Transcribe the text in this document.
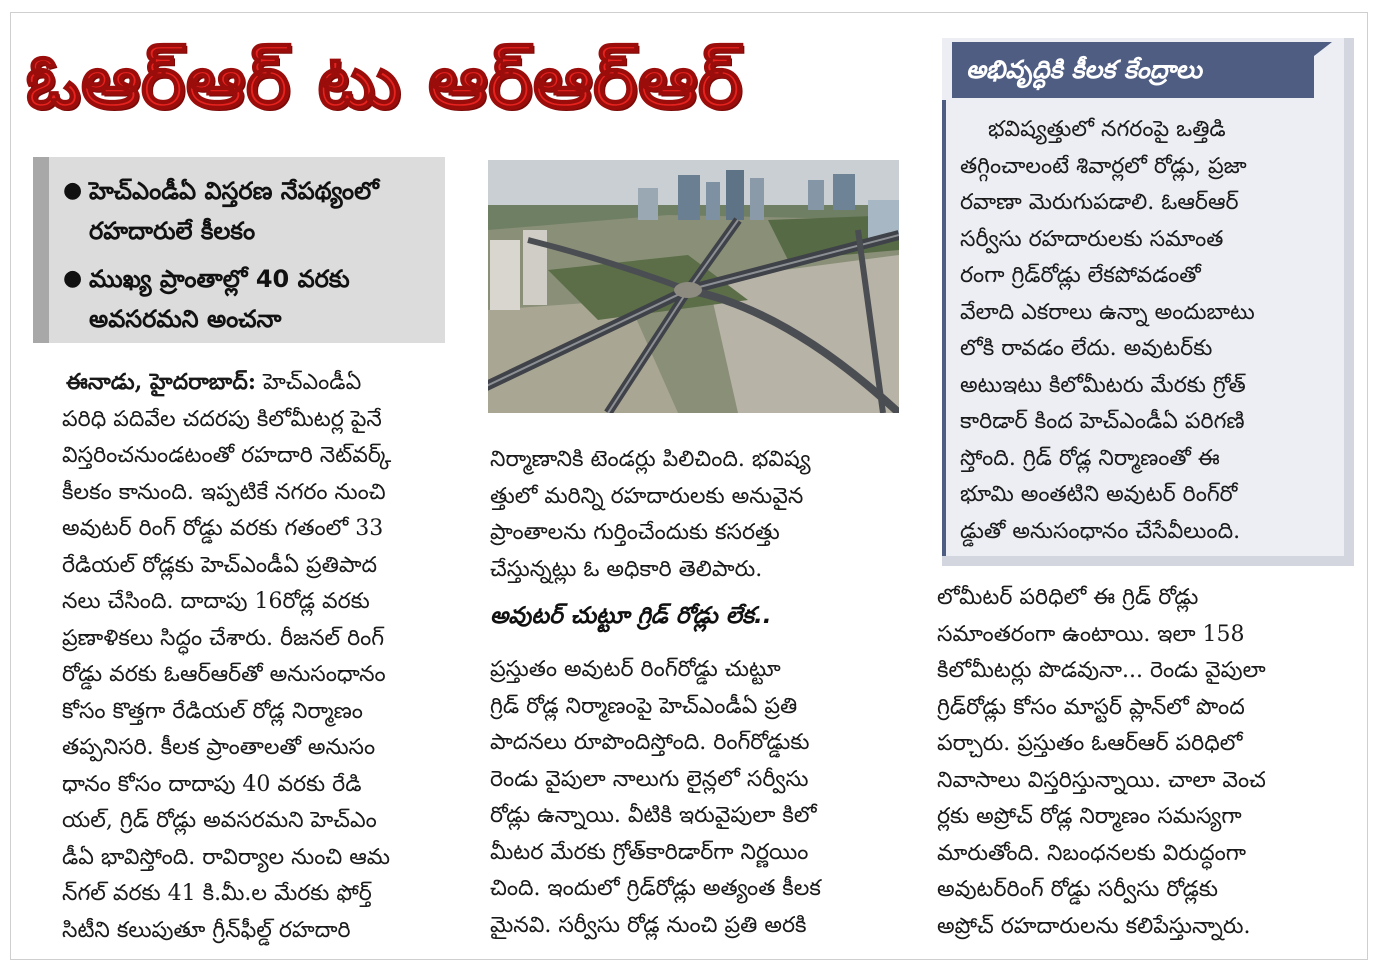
ఓఆర్ఆర్ టు ఆర్ఆర్ఆర్
● హెచ్ఎండీఏ విస్తరణ నేపథ్యంలో
రహదారులే కీలకం
● ముఖ్య ప్రాంతాల్లో 40 వరకు
అవసరమని అంచనా

ఈనాడు, హైదరాబాద్: హెచ్ఎండీఏ

పరిధి పదివేల చదరపు కిలోమీటర్ల పైనే

విస్తరించనుండటంతో రహదారి నెట్‌వర్క్

కీలకం కానుంది. ఇప్పటికే నగరం నుంచి

అవుటర్ రింగ్ రోడ్డు వరకు గతంలో 33

రేడియల్ రోడ్లకు హెచ్ఎండీఏ ప్రతిపాద

నలు చేసింది. దాదాపు 16రోడ్ల వరకు

ప్రణాళికలు సిద్ధం చేశారు. రీజనల్ రింగ్

రోడ్డు వరకు ఓఆర్ఆర్‌తో అనుసంధానం

కోసం కొత్తగా రేడియల్ రోడ్ల నిర్మాణం

తప్పనిసరి. కీలక ప్రాంతాలతో అనుసం

ధానం కోసం దాదాపు 40 వరకు రేడి

యల్, గ్రిడ్ రోడ్లు అవసరమని హెచ్ఎం

డీఏ భావిస్తోంది. రావిర్యాల నుంచి ఆమ

న్‌గల్ వరకు 41 కి.మీ.ల మేరకు ఫోర్త్

సిటీని కలుపుతూ గ్రీన్‌ఫీల్డ్ రహదారి

నిర్మాణానికి టెండర్లు పిలిచింది. భవిష్య

త్తులో మరిన్ని రహదారులకు అనువైన

ప్రాంతాలను గుర్తించేందుకు కసరత్తు

చేస్తున్నట్లు ఓ అధికారి తెలిపారు.

అవుటర్ చుట్టూ గ్రిడ్ రోడ్లు లేక..

ప్రస్తుతం అవుటర్ రింగ్‌రోడ్డు చుట్టూ

గ్రిడ్ రోడ్ల నిర్మాణంపై హెచ్ఎండీఏ ప్రతి

పాదనలు రూపొందిస్తోంది. రింగ్‌రోడ్డుకు

రెండు వైపులా నాలుగు లైన్లలో సర్వీసు

రోడ్లు ఉన్నాయి. వీటికి ఇరువైపులా కిలో

మీటర మేరకు గ్రోత్‌కారిడార్‌గా నిర్ణయిం

చింది. ఇందులో గ్రిడ్‌రోడ్లు అత్యంత కీలక

మైనవి. సర్వీసు రోడ్ల నుంచి ప్రతి అరకి

అభివృద్ధికి కీలక కేంద్రాలు

భవిష్యత్తులో నగరంపై ఒత్తిడి

తగ్గించాలంటే శివార్లలో రోడ్లు, ప్రజా

రవాణా మెరుగుపడాలి. ఓఆర్ఆర్

సర్వీసు రహదారులకు సమాంత

రంగా గ్రిడ్‌రోడ్లు లేకపోవడంతో

వేలాది ఎకరాలు ఉన్నా అందుబాటు

లోకి రావడం లేదు. అవుటర్‌కు

అటుఇటు కిలోమీటరు మేరకు గ్రోత్

కారిడార్ కింద హెచ్ఎండీఏ పరిగణి

స్తోంది. గ్రిడ్ రోడ్ల నిర్మాణంతో ఈ

భూమి అంతటిని అవుటర్ రింగ్‌రో

డ్డుతో అనుసంధానం చేసేవీలుంది.

లోమీటర్ పరిధిలో ఈ గ్రిడ్ రోడ్లు

సమాంతరంగా ఉంటాయి. ఇలా 158

కిలోమీటర్లు పొడవునా... రెండు వైపులా

గ్రిడ్‌రోడ్లు కోసం మాస్టర్ ప్లాన్‌లో పొంద

పర్చారు. ప్రస్తుతం ఓఆర్ఆర్ పరిధిలో

నివాసాలు విస్తరిస్తున్నాయి. చాలా వెంచ

ర్లకు అప్రోచ్ రోడ్ల నిర్మాణం సమస్యగా

మారుతోంది. నిబంధనలకు విరుద్ధంగా

అవుటర్‌రింగ్ రోడ్డు సర్వీసు రోడ్లకు

అప్రోచ్ రహదారులను కలిపేస్తున్నారు.
